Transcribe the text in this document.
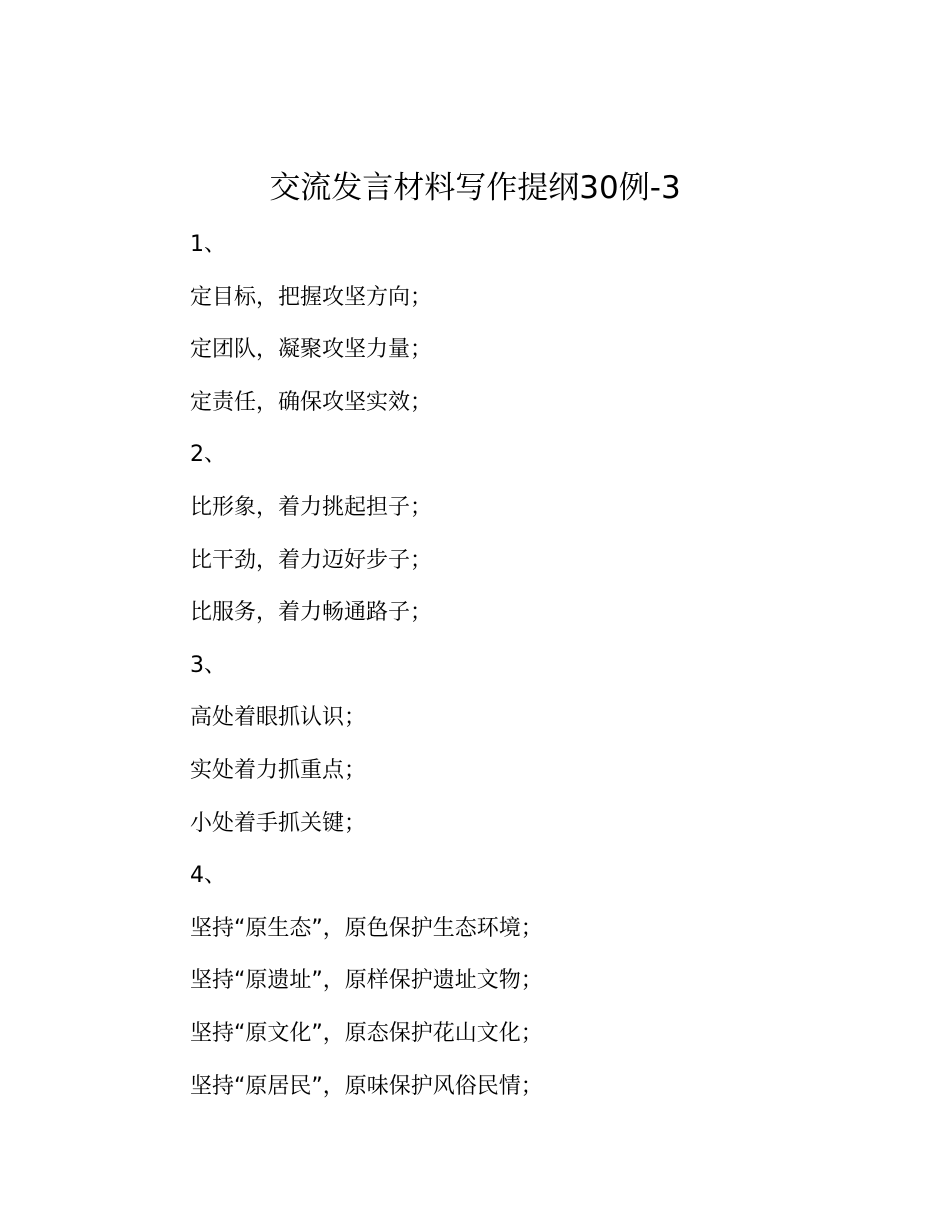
交流发言材料写作提纲30例-3

1、

定目标，把握攻坚方向；

定团队，凝聚攻坚力量；

定责任，确保攻坚实效；

2、

比形象，着力挑起担子；

比干劲，着力迈好步子；

比服务，着力畅通路子；

3、

高处着眼抓认识；

实处着力抓重点；

小处着手抓关键；

4、

坚持“原生态”，原色保护生态环境；

坚持“原遗址”，原样保护遗址文物；

坚持“原文化”，原态保护花山文化；

坚持“原居民”，原味保护风俗民情；
